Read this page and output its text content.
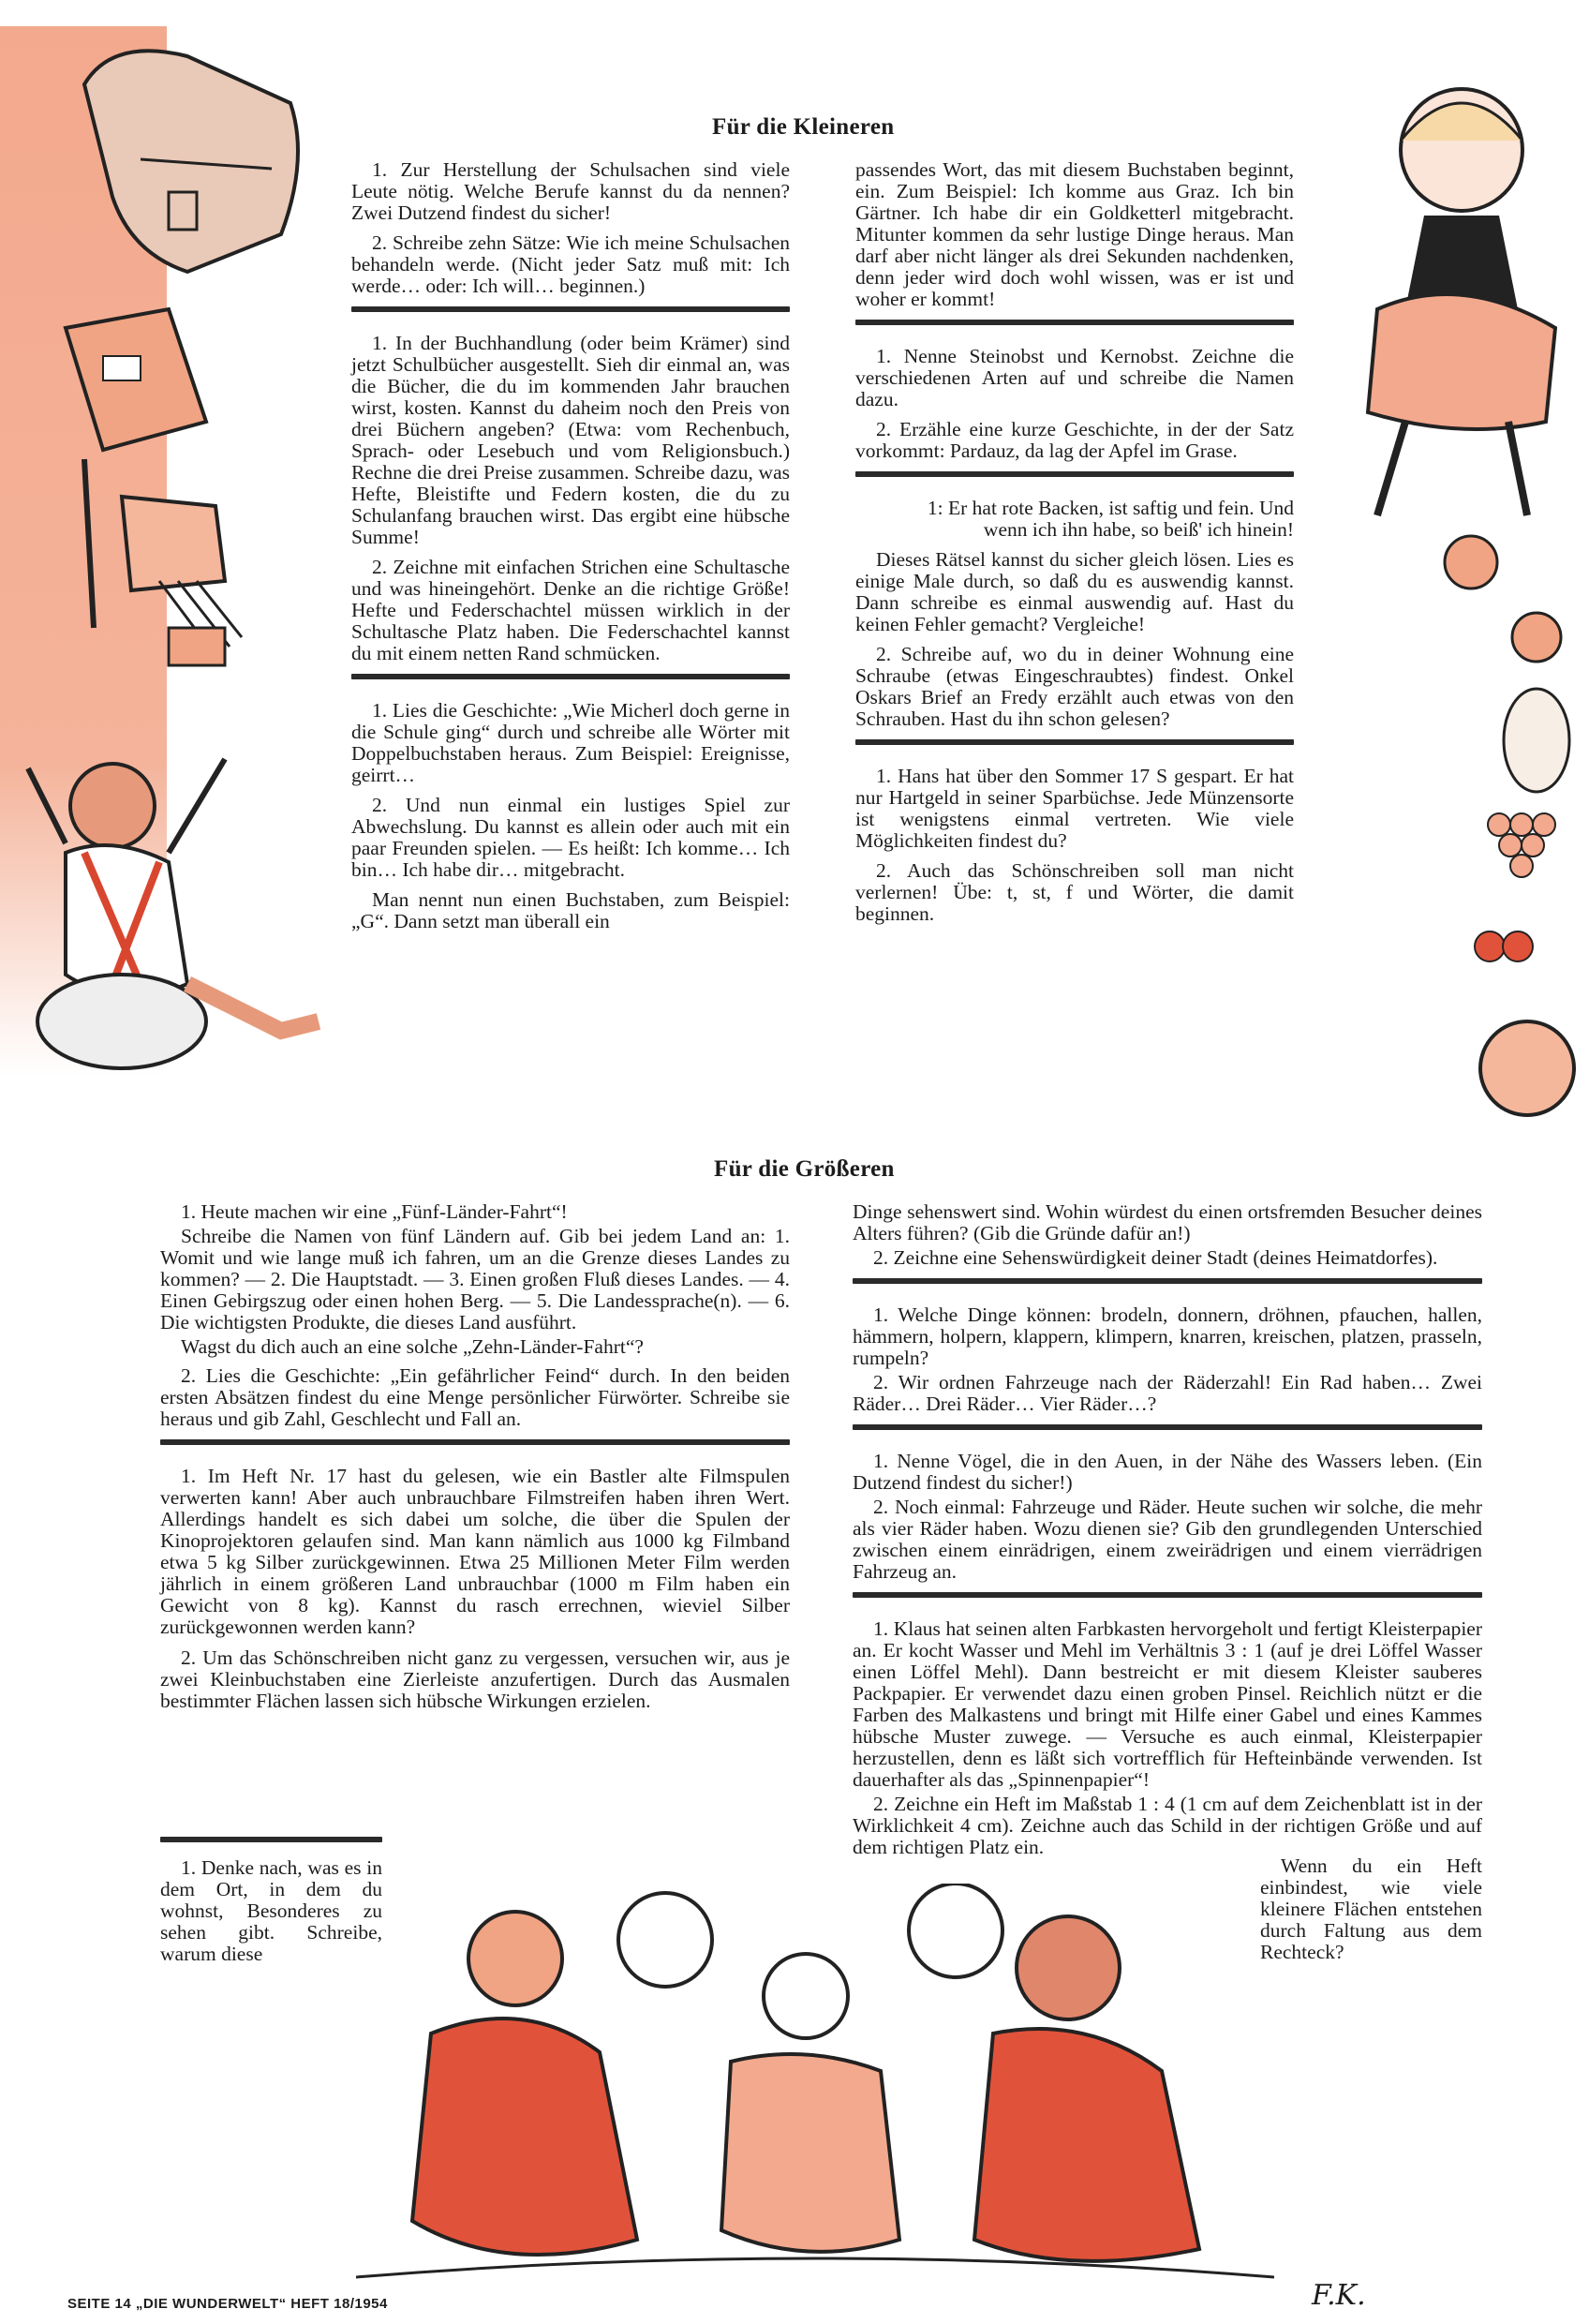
Für die Kleineren

1. Zur Herstellung der Schulsachen sind viele Leute nötig. Welche Berufe kannst du da nennen? Zwei Dutzend findest du sicher!

2. Schreibe zehn Sätze: Wie ich meine Schulsachen behandeln werde. (Nicht jeder Satz muß mit: Ich werde… oder: Ich will… beginnen.)

1. In der Buchhandlung (oder beim Krämer) sind jetzt Schulbücher ausgestellt. Sieh dir einmal an, was die Bücher, die du im kommenden Jahr brauchen wirst, kosten. Kannst du daheim noch den Preis von drei Büchern angeben? (Etwa: vom Rechenbuch, Sprach- oder Lesebuch und vom Religionsbuch.) Rechne die drei Preise zusammen. Schreibe dazu, was Hefte, Bleistifte und Federn kosten, die du zu Schulanfang brauchen wirst. Das ergibt eine hübsche Summe!

2. Zeichne mit einfachen Strichen eine Schultasche und was hineingehört. Denke an die richtige Größe! Hefte und Federschachtel müssen wirklich in der Schultasche Platz haben. Die Federschachtel kannst du mit einem netten Rand schmücken.

1. Lies die Geschichte: „Wie Micherl doch gerne in die Schule ging“ durch und schreibe alle Wörter mit Doppelbuchstaben heraus. Zum Beispiel: Ereignisse, geirrt…

2. Und nun einmal ein lustiges Spiel zur Abwechslung. Du kannst es allein oder auch mit ein paar Freunden spielen. — Es heißt: Ich komme… Ich bin… Ich habe dir… mitgebracht.

Man nennt nun einen Buchstaben, zum Beispiel: „G“. Dann setzt man überall ein

passendes Wort, das mit diesem Buchstaben beginnt, ein. Zum Beispiel: Ich komme aus Graz. Ich bin Gärtner. Ich habe dir ein Goldketterl mitgebracht. Mitunter kommen da sehr lustige Dinge heraus. Man darf aber nicht länger als drei Sekunden nachdenken, denn jeder wird doch wohl wissen, was er ist und woher er kommt!

1. Nenne Steinobst und Kernobst. Zeichne die verschiedenen Arten auf und schreibe die Namen dazu.

2. Erzähle eine kurze Geschichte, in der der Satz vorkommt: Pardauz, da lag der Apfel im Grase.

1: Er hat rote Backen, ist saftig und fein. Und wenn ich ihn habe, so beiß' ich hinein!

Dieses Rätsel kannst du sicher gleich lösen. Lies es einige Male durch, so daß du es auswendig kannst. Dann schreibe es einmal auswendig auf. Hast du keinen Fehler gemacht? Vergleiche!

2. Schreibe auf, wo du in deiner Wohnung eine Schraube (etwas Eingeschraubtes) findest. Onkel Oskars Brief an Fredy erzählt auch etwas von den Schrauben. Hast du ihn schon gelesen?

1. Hans hat über den Sommer 17 S gespart. Er hat nur Hartgeld in seiner Sparbüchse. Jede Münzensorte ist wenigstens einmal vertreten. Wie viele Möglichkeiten findest du?

2. Auch das Schönschreiben soll man nicht verlernen! Übe: t, st, f und Wörter, die damit beginnen.

Für die Größeren

1. Heute machen wir eine „Fünf-Länder-Fahrt“!

Schreibe die Namen von fünf Ländern auf. Gib bei jedem Land an: 1. Womit und wie lange muß ich fahren, um an die Grenze dieses Landes zu kommen? — 2. Die Hauptstadt. — 3. Einen großen Fluß dieses Landes. — 4. Einen Gebirgszug oder einen hohen Berg. — 5. Die Landessprache(n). — 6. Die wichtigsten Produkte, die dieses Land ausführt.

Wagst du dich auch an eine solche „Zehn-Länder-Fahrt“?

2. Lies die Geschichte: „Ein gefährlicher Feind“ durch. In den beiden ersten Absätzen findest du eine Menge persönlicher Fürwörter. Schreibe sie heraus und gib Zahl, Geschlecht und Fall an.

1. Im Heft Nr. 17 hast du gelesen, wie ein Bastler alte Filmspulen verwerten kann! Aber auch unbrauchbare Filmstreifen haben ihren Wert. Allerdings handelt es sich dabei um solche, die über die Spulen der Kinoprojektoren gelaufen sind. Man kann nämlich aus 1000 kg Filmband etwa 5 kg Silber zurückgewinnen. Etwa 25 Millionen Meter Film werden jährlich in einem größeren Land unbrauchbar (1000 m Film haben ein Gewicht von 8 kg). Kannst du rasch errechnen, wieviel Silber zurückgewonnen werden kann?

2. Um das Schönschreiben nicht ganz zu vergessen, versuchen wir, aus je zwei Kleinbuchstaben eine Zierleiste anzufertigen. Durch das Ausmalen bestimmter Flächen lassen sich hübsche Wirkungen erzielen.

1. Denke nach, was es in dem Ort, in dem du wohnst, Besonderes zu sehen gibt. Schreibe, warum diese

Dinge sehenswert sind. Wohin würdest du einen ortsfremden Besucher deines Alters führen? (Gib die Gründe dafür an!)

2. Zeichne eine Sehenswürdigkeit deiner Stadt (deines Heimatdorfes).

1. Welche Dinge können: brodeln, donnern, dröhnen, pfauchen, hallen, hämmern, holpern, klappern, klimpern, knarren, kreischen, platzen, prasseln, rumpeln?

2. Wir ordnen Fahrzeuge nach der Räderzahl! Ein Rad haben… Zwei Räder… Drei Räder… Vier Räder…?

1. Nenne Vögel, die in den Auen, in der Nähe des Wassers leben. (Ein Dutzend findest du sicher!)

2. Noch einmal: Fahrzeuge und Räder. Heute suchen wir solche, die mehr als vier Räder haben. Wozu dienen sie? Gib den grundlegenden Unterschied zwischen einem einrädrigen, einem zweirädrigen und einem vierrädrigen Fahrzeug an.

1. Klaus hat seinen alten Farbkasten hervorgeholt und fertigt Kleisterpapier an. Er kocht Wasser und Mehl im Verhältnis 3 : 1 (auf je drei Löffel Wasser einen Löffel Mehl). Dann bestreicht er mit diesem Kleister sauberes Packpapier. Er verwendet dazu einen groben Pinsel. Reichlich nützt er die Farben des Malkastens und bringt mit Hilfe einer Gabel und eines Kammes hübsche Muster zuwege. — Versuche es auch einmal, Kleisterpapier herzustellen, denn es läßt sich vortrefflich für Hefteinbände verwenden. Ist dauerhafter als das „Spinnenpapier“!

2. Zeichne ein Heft im Maßstab 1 : 4 (1 cm auf dem Zeichenblatt ist in der Wirklichkeit 4 cm). Zeichne auch das Schild in der richtigen Größe und auf dem richtigen Platz ein.

Wenn du ein Heft einbindest, wie viele kleinere Flächen entstehen durch Faltung aus dem Rechteck?

SEITE 14 „DIE WUNDERWELT“ HEFT 18/1954	F.K.
